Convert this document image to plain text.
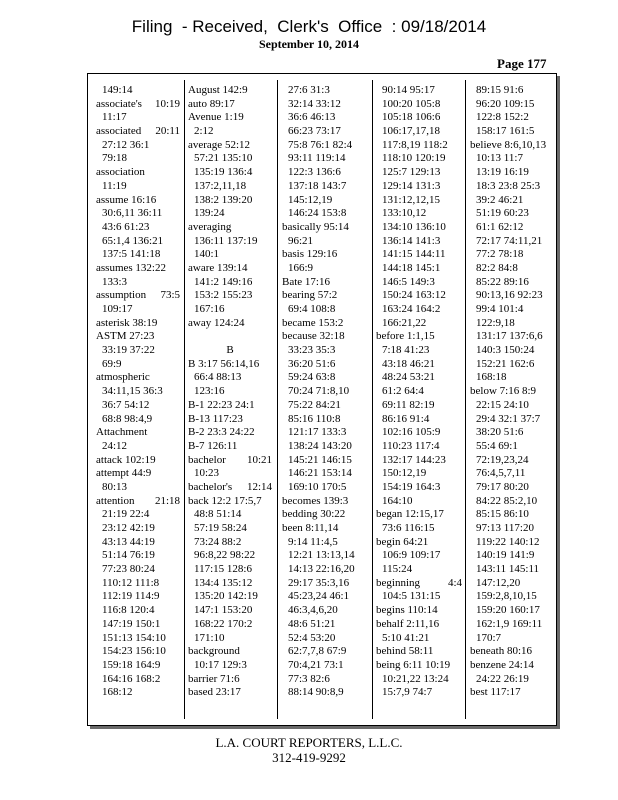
Filing  - Received,  Clerk's  Office  : 09/18/2014
September 10, 2014
Page 177
149:14
associate's 10:19
11:17
associated 20:11
27:12 36:1
79:18
association
11:19
assume 16:16
30:6,11 36:11
43:6 61:23
65:1,4 136:21
137:5 141:18
assumes 132:22
133:3
assumption 73:5
109:17
asterisk 38:19
ASTM 27:23
33:19 37:22
69:9
atmospheric
34:11,15 36:3
36:7 54:12
68:8 98:4,9
Attachment
24:12
attack 102:19
attempt 44:9
80:13
attention 21:18
21:19 22:4
23:12 42:19
43:13 44:19
51:14 76:19
77:23 80:24
110:12 111:8
112:19 114:9
116:8 120:4
147:19 150:1
151:13 154:10
154:23 156:10
159:18 164:9
164:16 168:2
168:12
August 142:9
auto 89:17
Avenue 1:19
2:12
average 52:12
57:21 135:10
135:19 136:4
137:2,11,18
138:2 139:20
139:24
averaging
136:11 137:19
140:1
aware 139:14
141:2 149:16
153:2 155:23
167:16
away 124:24
B
B 3:17 56:14,16
66:4 88:13
123:16
B-1 22:23 24:1
B-13 117:23
B-2 23:3 24:22
B-7 126:11
bachelor 10:21
10:23
bachelor's 12:14
back 12:2 17:5,7
48:8 51:14
57:19 58:24
73:24 88:2
96:8,22 98:22
117:15 128:6
134:4 135:12
135:20 142:19
147:1 153:20
168:22 170:2
171:10
background
10:17 129:3
barrier 71:6
based 23:17
27:6 31:3
32:14 33:12
36:6 46:13
66:23 73:17
75:8 76:1 82:4
93:11 119:14
122:3 136:6
137:18 143:7
145:12,19
146:24 153:8
basically 95:14
96:21
basis 129:16
166:9
Bate 17:16
bearing 57:2
69:4 108:8
became 153:2
because 32:18
33:23 35:3
36:20 51:6
59:24 63:8
70:24 71:8,10
75:22 84:21
85:16 110:8
121:17 133:3
138:24 143:20
145:21 146:15
146:21 153:14
169:10 170:5
becomes 139:3
bedding 30:22
been 8:11,14
9:14 11:4,5
12:21 13:13,14
14:13 22:16,20
29:17 35:3,16
45:23,24 46:1
46:3,4,6,20
48:6 51:21
52:4 53:20
62:7,7,8 67:9
70:4,21 73:1
77:3 82:6
88:14 90:8,9
90:14 95:17
100:20 105:8
105:18 106:6
106:17,17,18
117:8,19 118:2
118:10 120:19
125:7 129:13
129:14 131:3
131:12,12,15
133:10,12
134:10 136:10
136:14 141:3
141:15 144:11
144:18 145:1
146:5 149:3
150:24 163:12
163:24 164:2
166:21,22
before 1:1,15
7:18 41:23
43:18 46:21
48:24 53:21
61:2 64:4
69:11 82:19
86:16 91:4
102:16 105:9
110:23 117:4
132:17 144:23
150:12,19
154:19 164:3
164:10
began 12:15,17
73:6 116:15
begin 64:21
106:9 109:17
115:24
beginning	4:4
104:5 131:15
begins 110:14
behalf 2:11,16
5:10 41:21
behind 58:11
being 6:11 10:19
10:21,22 13:24
15:7,9 74:7
89:15 91:6
96:20 109:15
122:8 152:2
158:17 161:5
believe 8:6,10,13
10:13 11:7
13:19 16:19
18:3 23:8 25:3
39:2 46:21
51:19 60:23
61:1 62:12
72:17 74:11,21
77:2 78:18
82:2 84:8
85:22 89:16
90:13,16 92:23
99:4 101:4
122:9,18
131:17 137:6,6
140:3 150:24
152:21 162:6
168:18
below 7:16 8:9
22:15 24:10
29:4 32:1 37:7
38:20 51:6
55:4 69:1
72:19,23,24
76:4,5,7,11
79:17 80:20
84:22 85:2,10
85:15 86:10
97:13 117:20
119:22 140:12
140:19 141:9
143:11 145:11
147:12,20
159:2,8,10,15
159:20 160:17
162:1,9 169:11
170:7
beneath 80:16
benzene 24:14
24:22 26:19
best 117:17
L.A. COURT REPORTERS, L.L.C.
312-419-9292
